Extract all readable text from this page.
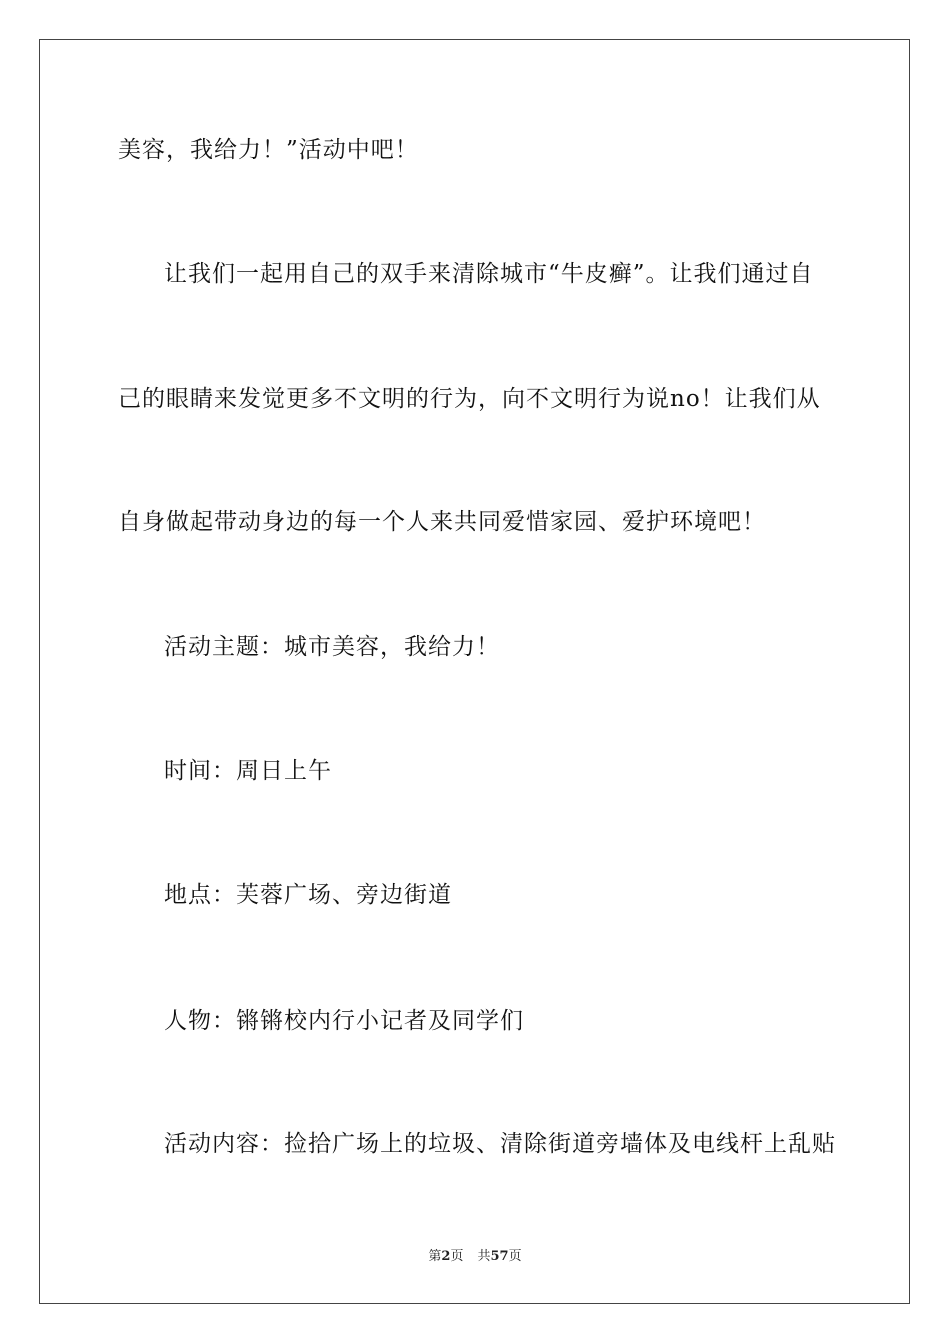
美容，我给力！”活动中吧！
让我们一起用自己的双手来清除城市“牛皮癣”。让我们通过自
己的眼睛来发觉更多不文明的行为，向不文明行为说no！让我们从
自身做起带动身边的每一个人来共同爱惜家园、爱护环境吧！
活动主题：城市美容，我给力！
时间：周日上午
地点：芙蓉广场、旁边街道
人物：锵锵校内行小记者及同学们
活动内容：捡拾广场上的垃圾、清除街道旁墙体及电线杆上乱贴
第2页 共57页
